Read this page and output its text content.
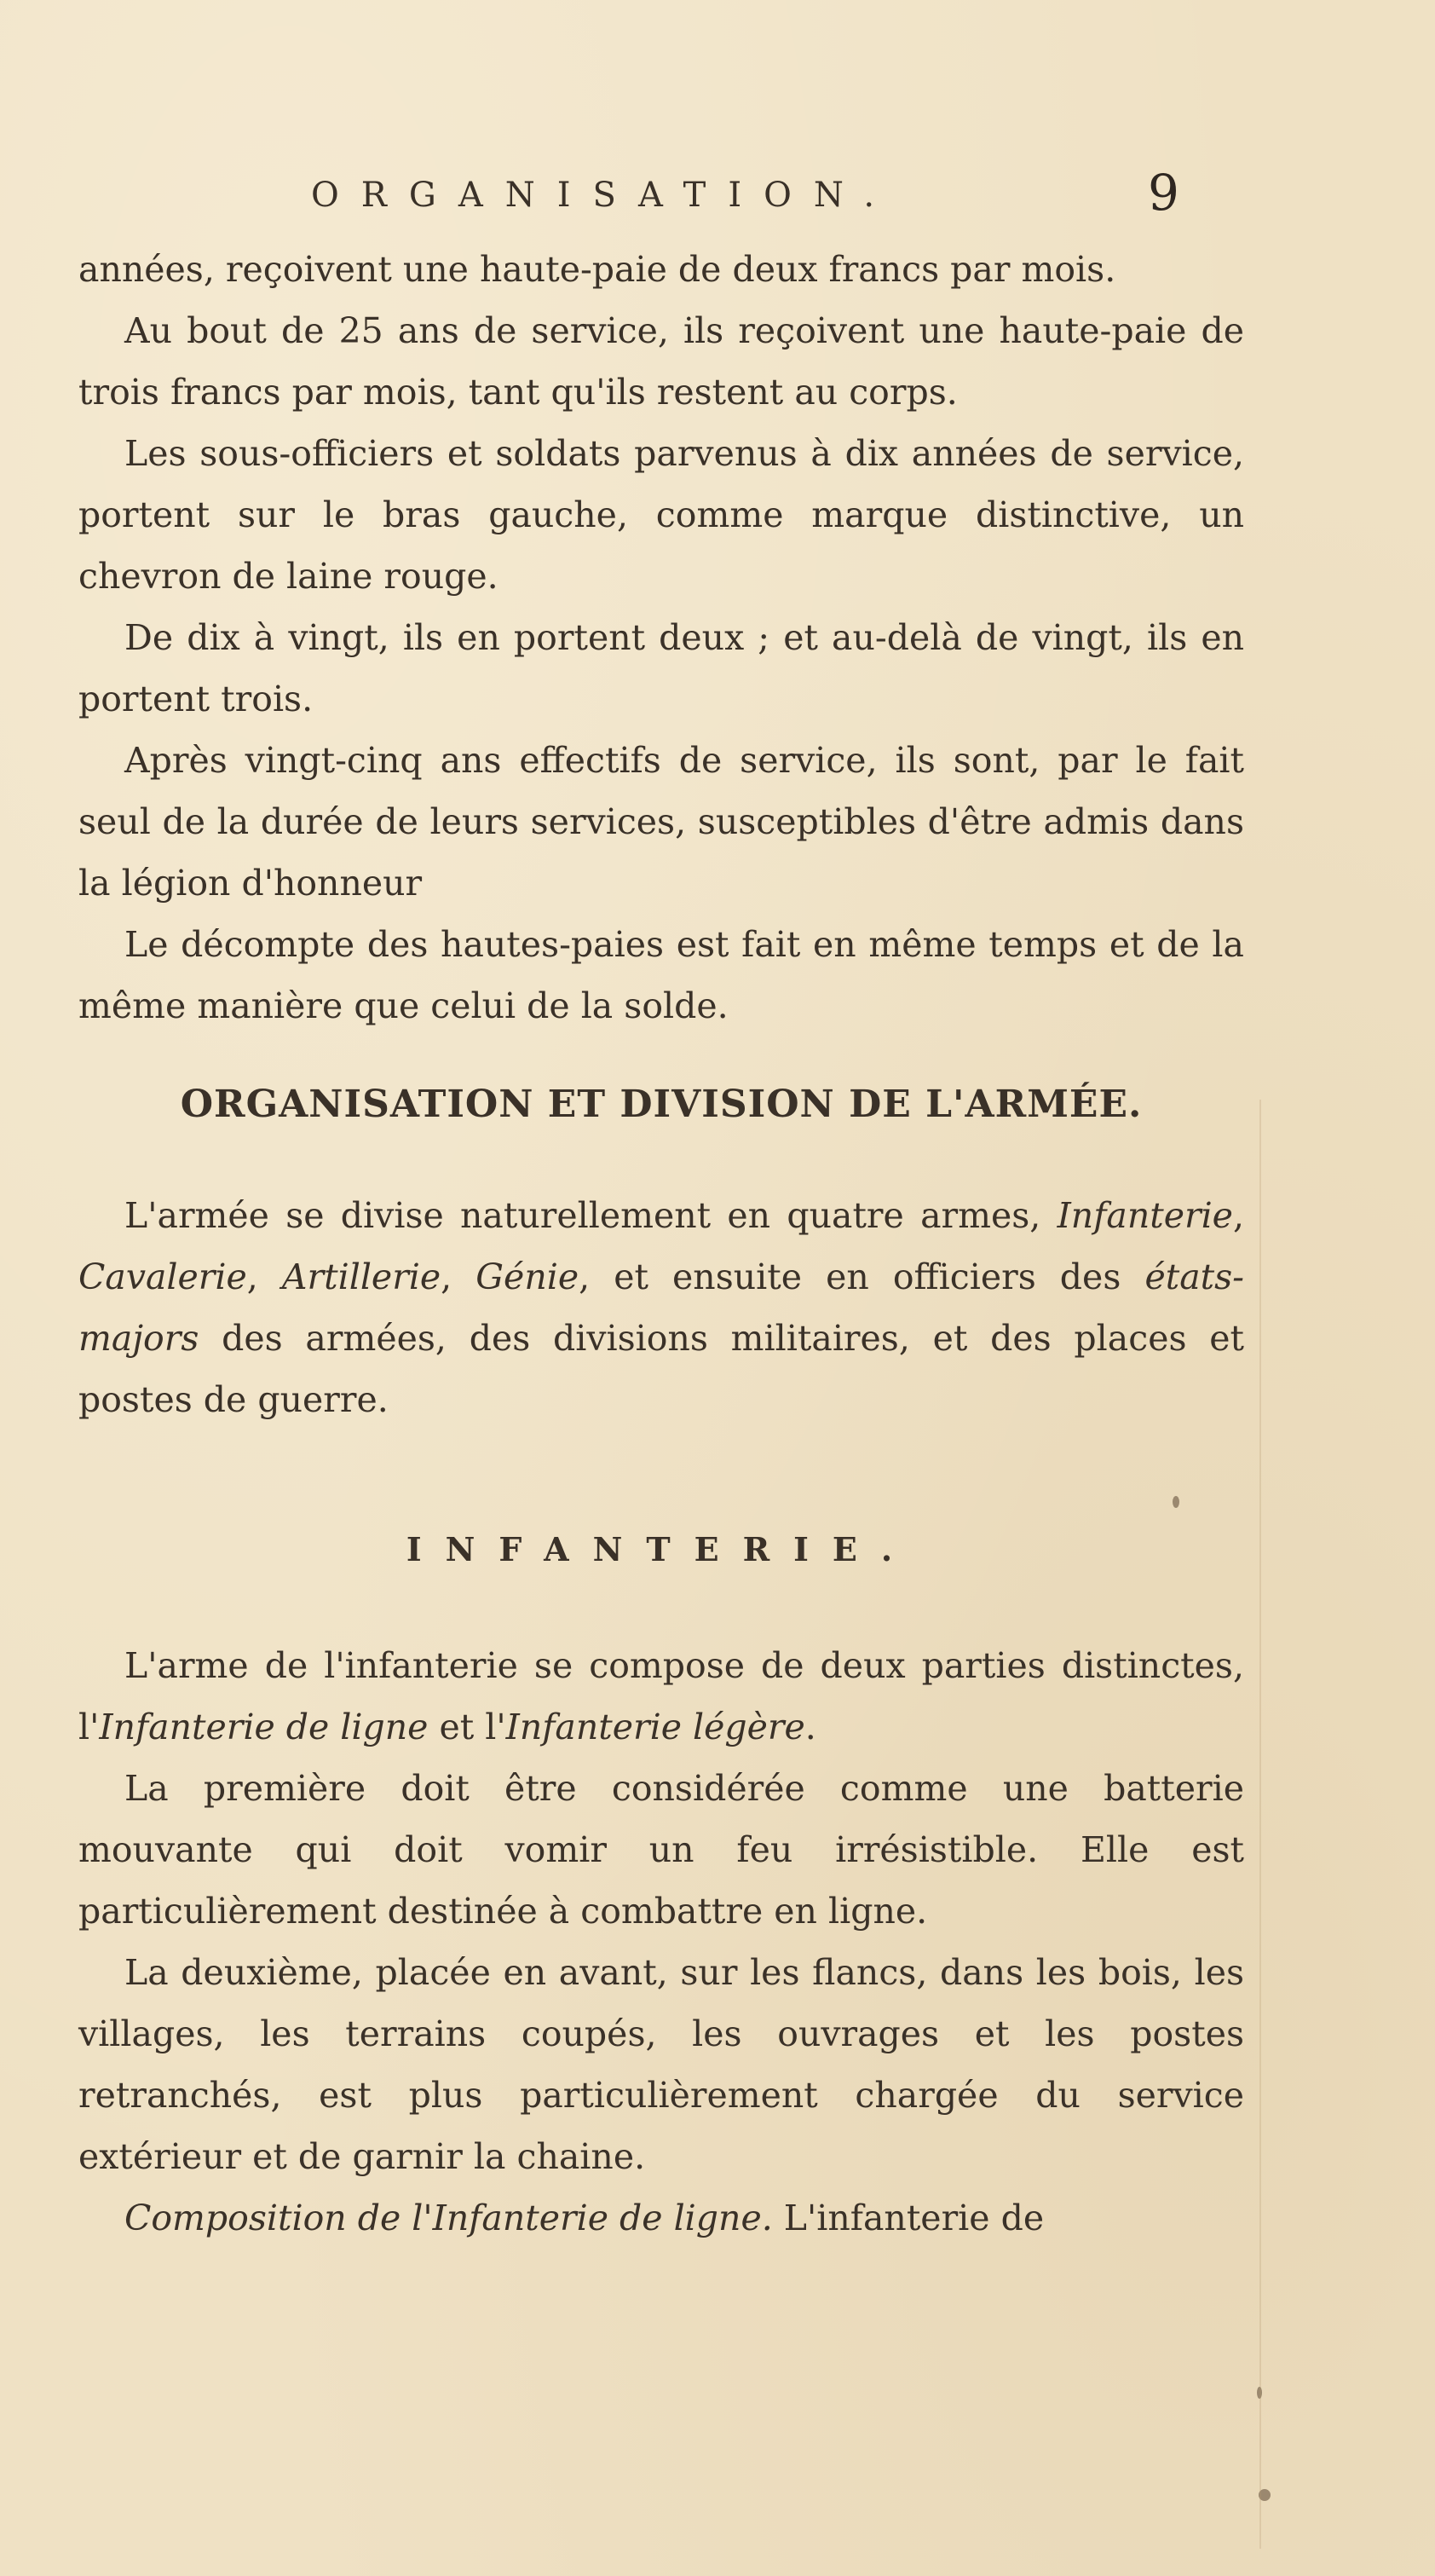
ORGANISATION.	9

années, reçoivent une haute-paie de deux francs par mois.

Au bout de 25 ans de service, ils reçoivent une haute-paie de trois francs par mois, tant qu'ils restent au corps.

Les sous-officiers et soldats parvenus à dix années de service, portent sur le bras gauche, comme marque distinctive, un chevron de laine rouge.

De dix à vingt, ils en portent deux ; et au-delà de vingt, ils en portent trois.

Après vingt-cinq ans effectifs de service, ils sont, par le fait seul de la durée de leurs services, susceptibles d'être admis dans la légion d'honneur

Le décompte des hautes-paies est fait en même temps et de la même manière que celui de la solde.

ORGANISATION ET DIVISION DE L'ARMÉE.

L'armée se divise naturellement en quatre armes, Infanterie, Cavalerie, Artillerie, Génie, et ensuite en officiers des états-majors des armées, des divisions militaires, et des places et postes de guerre.

INFANTERIE.

L'arme de l'infanterie se compose de deux parties distinctes, l'Infanterie de ligne et l'Infanterie légère.

La première doit être considérée comme une batterie mouvante qui doit vomir un feu irrésistible. Elle est particulièrement destinée à combattre en ligne.

La deuxième, placée en avant, sur les flancs, dans les bois, les villages, les terrains coupés, les ouvrages et les postes retranchés, est plus particulièrement chargée du service extérieur et de garnir la chaine.

Composition de l'Infanterie de ligne. L'infanterie de
